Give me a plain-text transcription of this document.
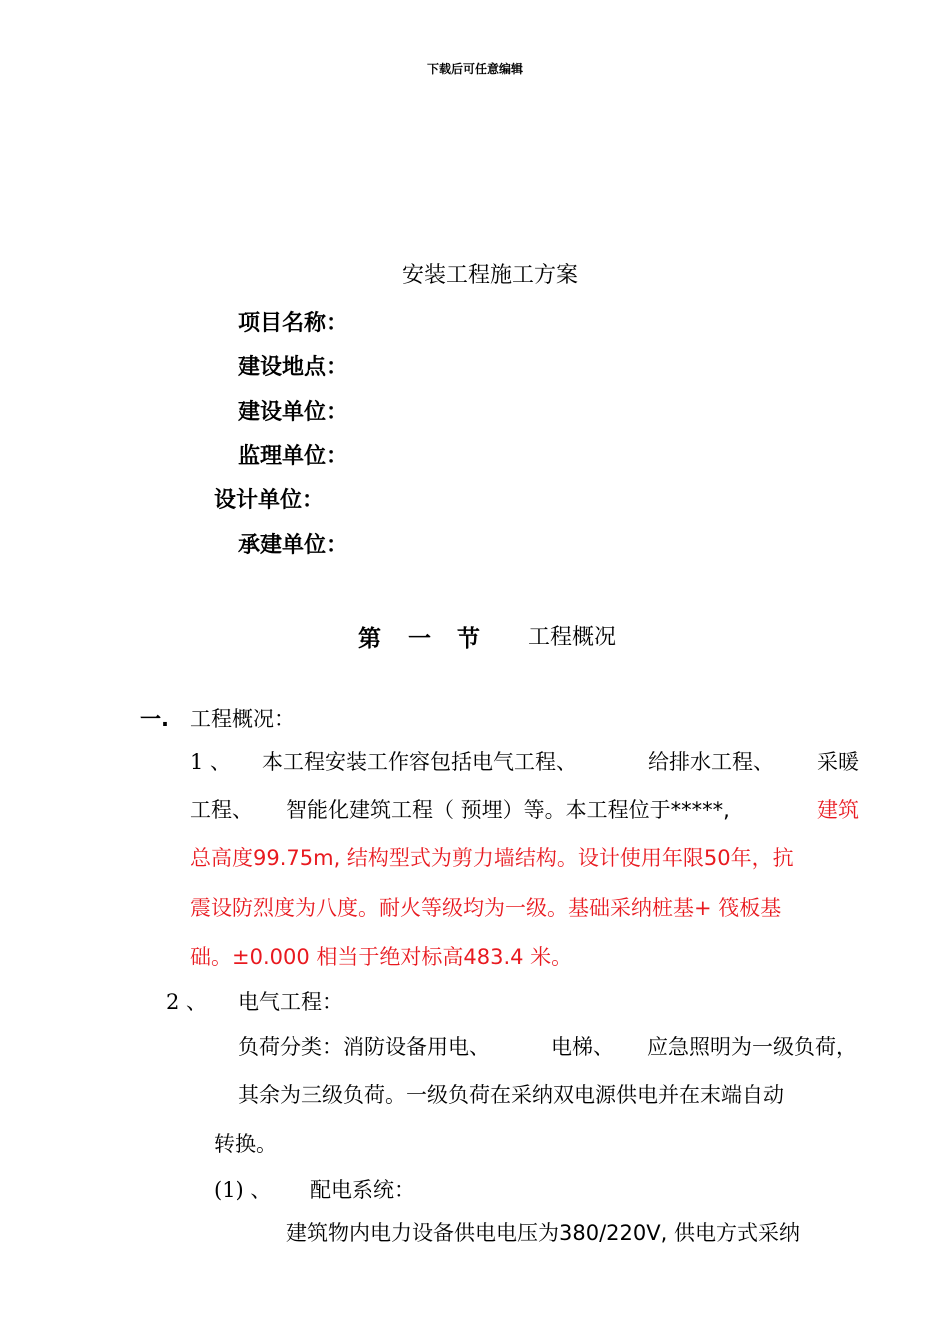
下载后可任意编辑
安装工程施工方案
项目名称：
建设地点：
建设单位：
监理单位：
设计单位：
承建单位：
第 一 节 工程概况
一. 工程概况：
1 、 本工程安装工作容包括电气工程、	给排水工程、 采暖
工程、 智能化建筑工程（ 预埋）等。本工程位于*****,	建筑
总高度99.75m, 结构型式为剪力墙结构。设计使用年限50年，抗
震设防烈度为八度。耐火等级均为一级。基础采纳桩基+ 筏板基
础。±0.000 相当于绝对标高483.4 米。
2 、 电气工程：
负荷分类：消防设备用电、	电梯、 应急照明为一级负荷，
其余为三级负荷。一级负荷在采纳双电源供电并在末端自动
转换。
(1) 、 配电系统：
建筑物内电力设备供电电压为380/220V, 供电方式采纳
